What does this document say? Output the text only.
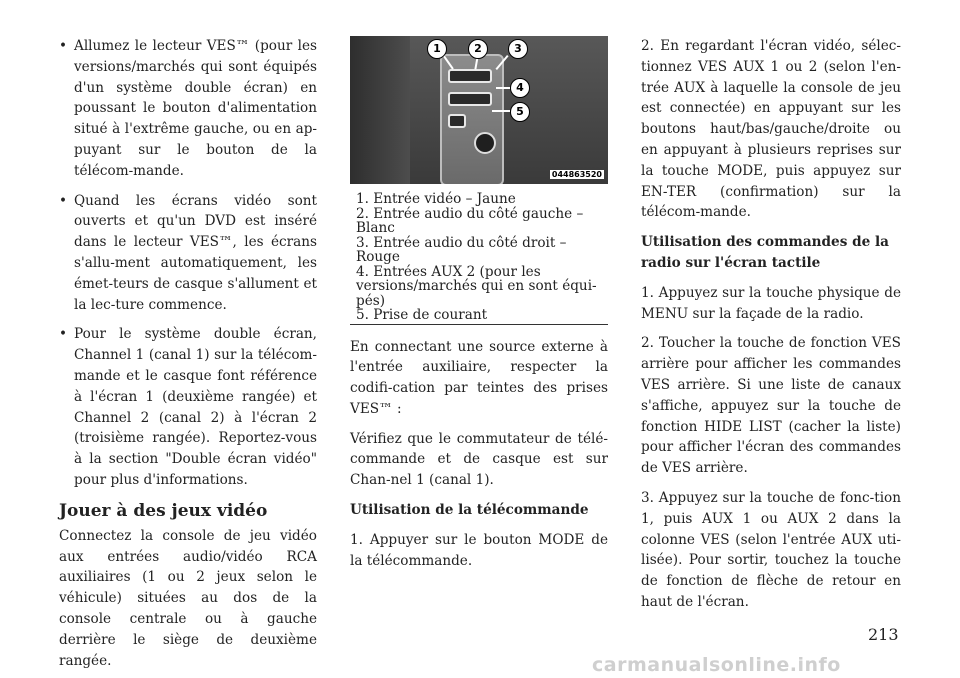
• Allumez le lecteur VES™ (pour les versions/marchés qui sont équipés d'un système double écran) en poussant le bouton d'alimentation situé à l'extrême gauche, ou en ap-puyant sur le bouton de la télécom-mande.
• Quand les écrans vidéo sont ouverts et qu'un DVD est inséré dans le lecteur VES™, les écrans s'allu-ment automatiquement, les émet-teurs de casque s'allument et la lec-ture commence.
• Pour le système double écran, Channel 1 (canal 1) sur la télécom-mande et le casque font référence à l'écran 1 (deuxième rangée) et Channel 2 (canal 2) à l'écran 2 (troisième rangée). Reportez-vous à la section "Double écran vidéo" pour plus d'informations.
Jouer à des jeux vidéo

Connectez la console de jeu vidéo aux entrées audio/vidéo RCA auxiliaires (1 ou 2 jeux selon le véhicule) situées au dos de la console centrale ou à gauche derrière le siège de deuxième rangée.

1	2	3
4
5
044863520
1. Entrée vidéo – Jaune
2. Entrée audio du côté gauche – Blanc
3. Entrée audio du côté droit – Rouge
4. Entrées AUX 2 (pour les versions/marchés qui en sont équi-pés)
5. Prise de courant

En connectant une source externe à l'entrée auxiliaire, respecter la codifi-cation par teintes des prises VES™ :

Vérifiez que le commutateur de télé-commande et de casque est sur Chan-nel 1 (canal 1).

Utilisation de la télécommande

1. Appuyer sur le bouton MODE de la télécommande.

2. En regardant l'écran vidéo, sélec-tionnez VES AUX 1 ou 2 (selon l'en-trée AUX à laquelle la console de jeu est connectée) en appuyant sur les boutons haut/bas/gauche/droite ou en appuyant à plusieurs reprises sur la touche MODE, puis appuyez sur EN-TER (confirmation) sur la télécom-mande.

Utilisation des commandes de la radio sur l'écran tactile

1. Appuyez sur la touche physique de MENU sur la façade de la radio.

2. Toucher la touche de fonction VES arrière pour afficher les commandes VES arrière. Si une liste de canaux s'affiche, appuyez sur la touche de fonction HIDE LIST (cacher la liste) pour afficher l'écran des commandes de VES arrière.

3. Appuyez sur la touche de fonc-tion 1, puis AUX 1 ou AUX 2 dans la colonne VES (selon l'entrée AUX uti-lisée). Pour sortir, touchez la touche de fonction de flèche de retour en haut de l'écran.

213
carmanualsonline.info
